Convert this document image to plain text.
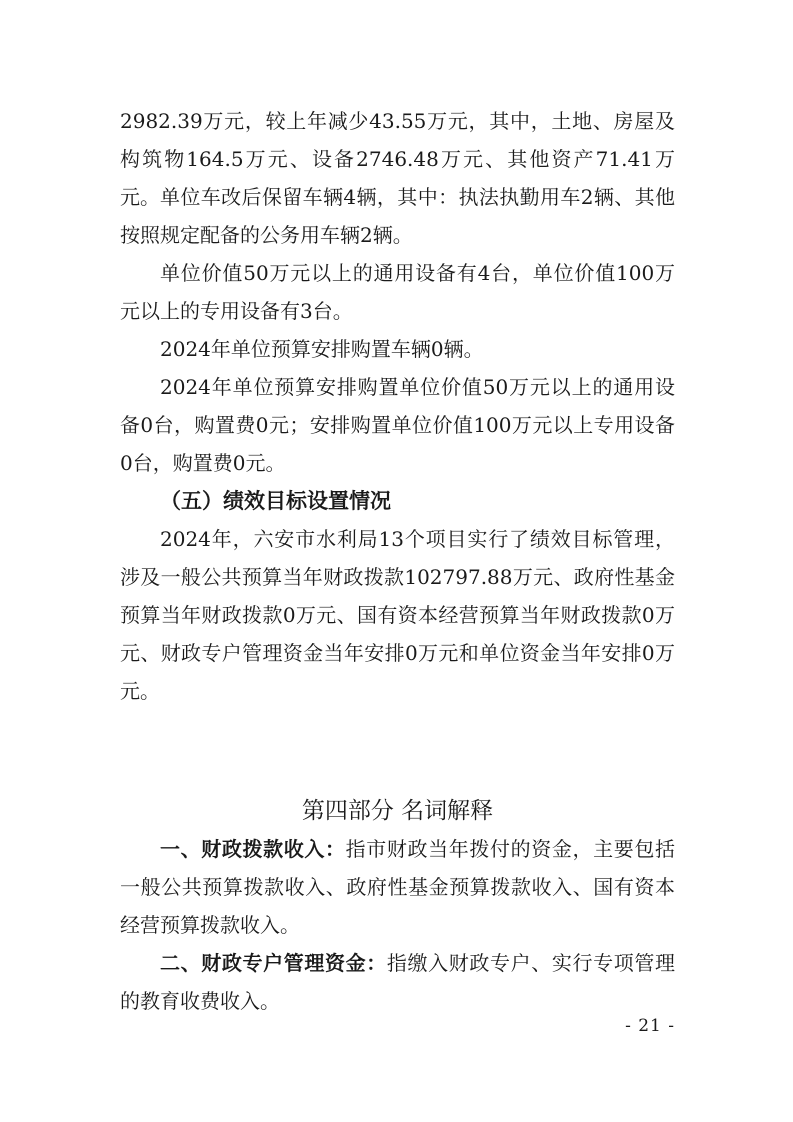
2982.39万元，较上年减少43.55万元，其中，土地、房屋及构筑物164.5万元、设备2746.48万元、其他资产71.41万元。 单位车改后保留车辆4辆，其中：执法执勤用车2辆、其他按照规定配备的公务用车辆2辆。

单位价值50万元以上的通用设备有4台，单位价值100万元以上的专用设备有3台。

2024年单位预算安排购置车辆0辆。

2024年单位预算安排购置单位价值50万元以上的通用设备0台，购置费0元；安排购置单位价值100万元以上专用设备0台，购置费0元。

（五）绩效目标设置情况

2024年，六安市水利局13个项目实行了绩效目标管理，涉及一般公共预算当年财政拨款102797.88万元、政府性基金预算当年财政拨款0万元、国有资本经营预算当年财政拨款0万元、财政专户管理资金当年安排0万元和单位资金当年安排0万元。

第四部分 名词解释

一、财政拨款收入：指市财政当年拨付的资金，主要包括一般公共预算拨款收入、政府性基金预算拨款收入、国有资本经营预算拨款收入。

二、财政专户管理资金：指缴入财政专户、实行专项管理的教育收费收入。

- 21 -
